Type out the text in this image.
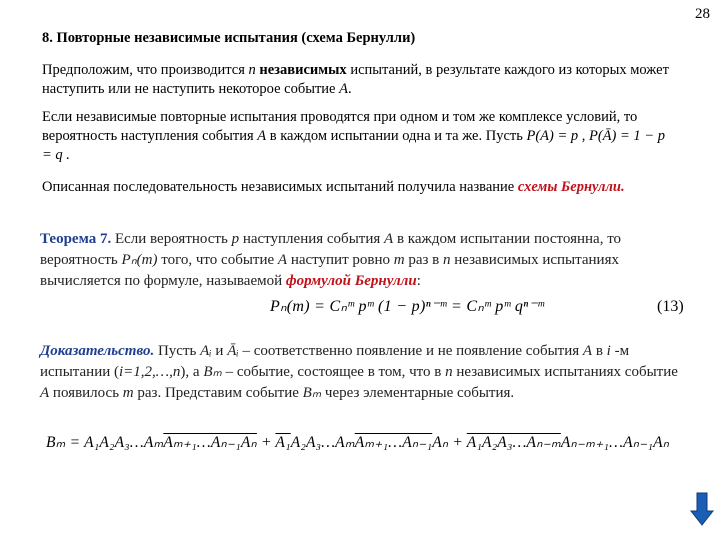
28
8. Повторные независимые испытания (схема Бернулли)
Предположим, что производится n независимых испытаний, в результате каждого из которых может наступить или не наступить некоторое событие A.
Если независимые повторные испытания проводятся при одном и том же комплексе условий, то вероятность наступления события A в каждом испытании одна и та же. Пусть P(A) = p , P(Ā) = 1 − p = q .
Описанная последовательность независимых испытаний получила название схемы Бернулли.
Теорема 7. Если вероятность p наступления события A в каждом испытании постоянна, то вероятность Pₙ(m) того, что событие A наступит ровно m раз в n независимых испытаниях вычисляется по формуле, называемой формулой Бернулли:
Pₙ(m) = Cₙᵐ pᵐ (1 − p)ⁿ⁻ᵐ = Cₙᵐ pᵐ qⁿ⁻ᵐ	(13)
Доказательство. Пусть Aᵢ и Āᵢ – соответственно появление и не появление события A в i -м испытании (i=1,2,…,n), а Bₘ – событие, состоящее в том, что в n независимых испытаниях событие A появилось m раз. Представим событие Bₘ через элементарные события.
Bₘ = A₁A₂A₃…AₘAₘ₊₁…Aₙ₋₁Aₙ + A₁A₂A₃…AₘAₘ₊₁…Aₙ₋₁Aₙ + A₁A₂A₃…Aₙ₋ₘAₙ₋ₘ₊₁…Aₙ₋₁Aₙ
